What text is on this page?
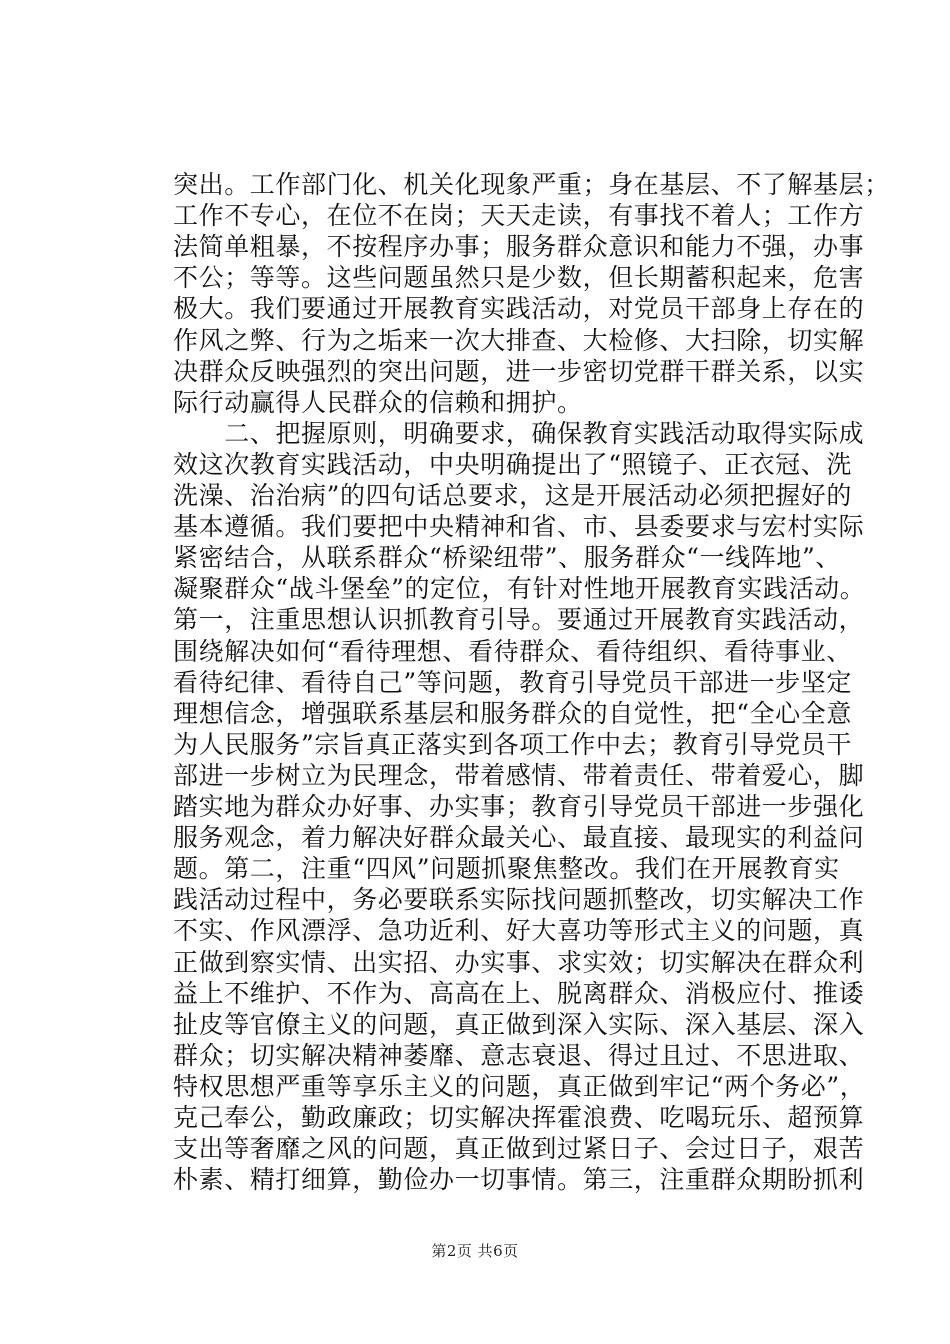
突出。工作部门化、机关化现象严重；身在基层、不了解基层；
工作不专心，在位不在岗；天天走读，有事找不着人；工作方
法简单粗暴，不按程序办事；服务群众意识和能力不强，办事
不公；等等。这些问题虽然只是少数，但长期蓄积起来，危害
极大。我们要通过开展教育实践活动，对党员干部身上存在的
作风之弊、行为之垢来一次大排查、大检修、大扫除，切实解
决群众反映强烈的突出问题，进一步密切党群干群关系，以实
际行动赢得人民群众的信赖和拥护。
　　二、把握原则，明确要求，确保教育实践活动取得实际成
效这次教育实践活动，中央明确提出了“照镜子、正衣冠、洗
洗澡、治治病”的四句话总要求，这是开展活动必须把握好的
基本遵循。我们要把中央精神和省、市、县委要求与宏村实际
紧密结合，从联系群众“桥梁纽带”、服务群众“一线阵地”、
凝聚群众“战斗堡垒”的定位，有针对性地开展教育实践活动。
第一，注重思想认识抓教育引导。要通过开展教育实践活动，
围绕解决如何“看待理想、看待群众、看待组织、看待事业、
看待纪律、看待自己”等问题，教育引导党员干部进一步坚定
理想信念，增强联系基层和服务群众的自觉性，把“全心全意
为人民服务”宗旨真正落实到各项工作中去；教育引导党员干
部进一步树立为民理念，带着感情、带着责任、带着爱心，脚
踏实地为群众办好事、办实事；教育引导党员干部进一步强化
服务观念，着力解决好群众最关心、最直接、最现实的利益问
题。第二，注重“四风”问题抓聚焦整改。我们在开展教育实
践活动过程中，务必要联系实际找问题抓整改，切实解决工作
不实、作风漂浮、急功近利、好大喜功等形式主义的问题，真
正做到察实情、出实招、办实事、求实效；切实解决在群众利
益上不维护、不作为、高高在上、脱离群众、消极应付、推诿
扯皮等官僚主义的问题，真正做到深入实际、深入基层、深入
群众；切实解决精神萎靡、意志衰退、得过且过、不思进取、
特权思想严重等享乐主义的问题，真正做到牢记“两个务必”，
克己奉公，勤政廉政；切实解决挥霍浪费、吃喝玩乐、超预算
支出等奢靡之风的问题，真正做到过紧日子、会过日子，艰苦
朴素、精打细算，勤俭办一切事情。第三，注重群众期盼抓利
第2页 共6页
